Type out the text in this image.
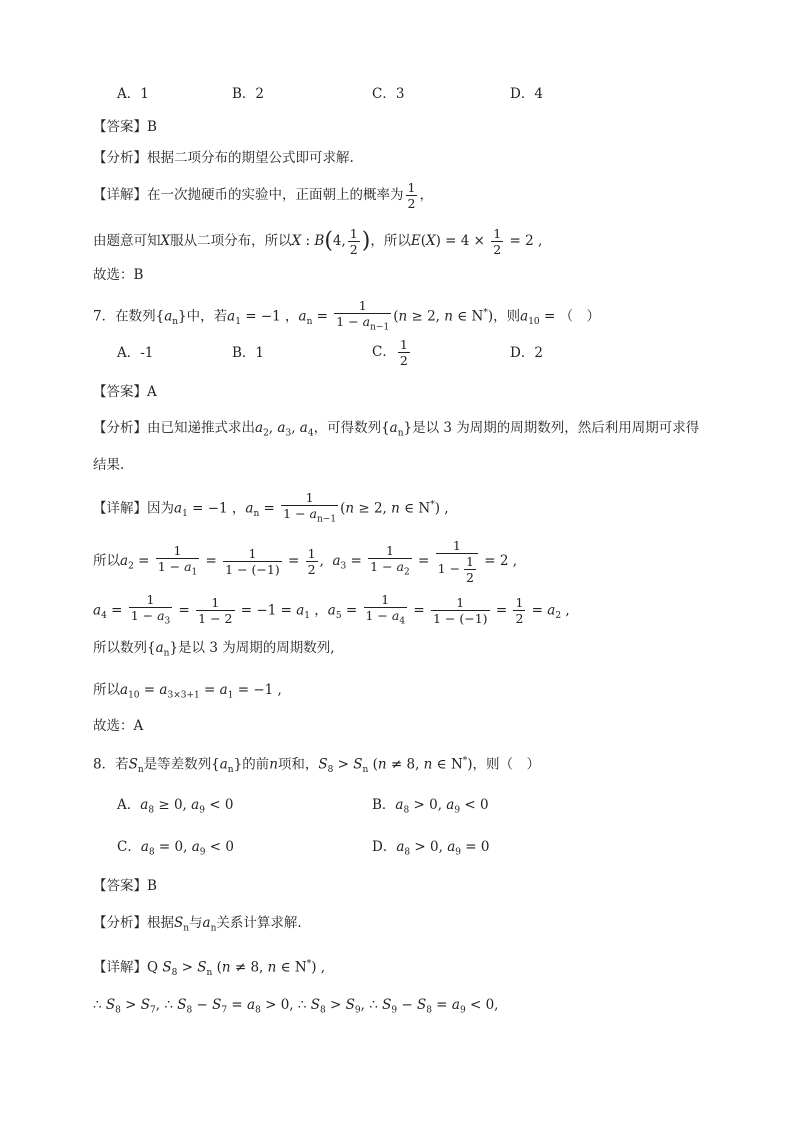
A．1	B．2	C．3	D．4
【答案】B
【分析】根据二项分布的期望公式即可求解.
【详解】在一次抛硬币的实验中，正面朝上的概率为 $\frac{1}{2}$ ，
由题意可知X服从二项分布，所以X : B(4, $\frac{1}{2}$ )，所以$E(X) = 4 \times \frac{1}{2} = 2$ ,
故选：B
7．在数列$\{a_n\}$中，若$a_1 = -1$ ，$a_n = \frac{1}{1 - a_{n-1}} (n \ge 2$, n ∈ N*)，则$a_{10}$ = （　）
A．-1	B．1	C． $\frac{1}{2}$	D．2
【答案】A
【分析】由已知递推式求出$a_2$, $a_3$, $a_4$，可得数列$\{a_n\}$是以 3 为周期的周期数列，然后利用周期可求得
结果.
【详解】因为$a_1 = -1$ ，$a_n = \frac{1}{1 - a_{n-1}} (n \ge 2$, n ∈ N*) ,
所以$a_2 = \frac{1}{1 - a_1} = \frac{1}{1 - (-1)} = \frac{1}{2}$ ,  $a_3 = \frac{1}{1 - a_2} = \frac{1}{1 - \frac{1}{2}} = 2$ ,
$a_4 = \frac{1}{1 - a_3} = \frac{1}{1 - 2} = -1 = a_1$ ，$a_5 = \frac{1}{1 - a_4} = \frac{1}{1 - (-1)} = \frac{1}{2} = a_2$ ,
所以数列$\{a_n\}$是以 3 为周期的周期数列,
所以$a_{10} = a_{3\times 3+1} = a_1 = -1$ ,
故选：A
8．若$S_n$是等差数列$\{a_n\}$的前n项和，$S_8 > S_n$ (n ≠ 8, n ∈ N*)，则（　）
A．$a_8 \ge 0$, $a_9 < 0$	B．$a_8 > 0$, $a_9 < 0$
C．$a_8 = 0$, $a_9 < 0$	D．$a_8 > 0$, $a_9 = 0$
【答案】B
【分析】根据$S_n$与$a_n$关系计算求解.
【详解】Q $S_8 > S_n$ (n ≠ 8, n ∈ N*) ,
∴ $S_8 > S_7$, ∴ $S_8 - S_7 = a_8 > 0$, ∴ $S_8 > S_9$, ∴ $S_9 - S_8 = a_9 < 0$,
